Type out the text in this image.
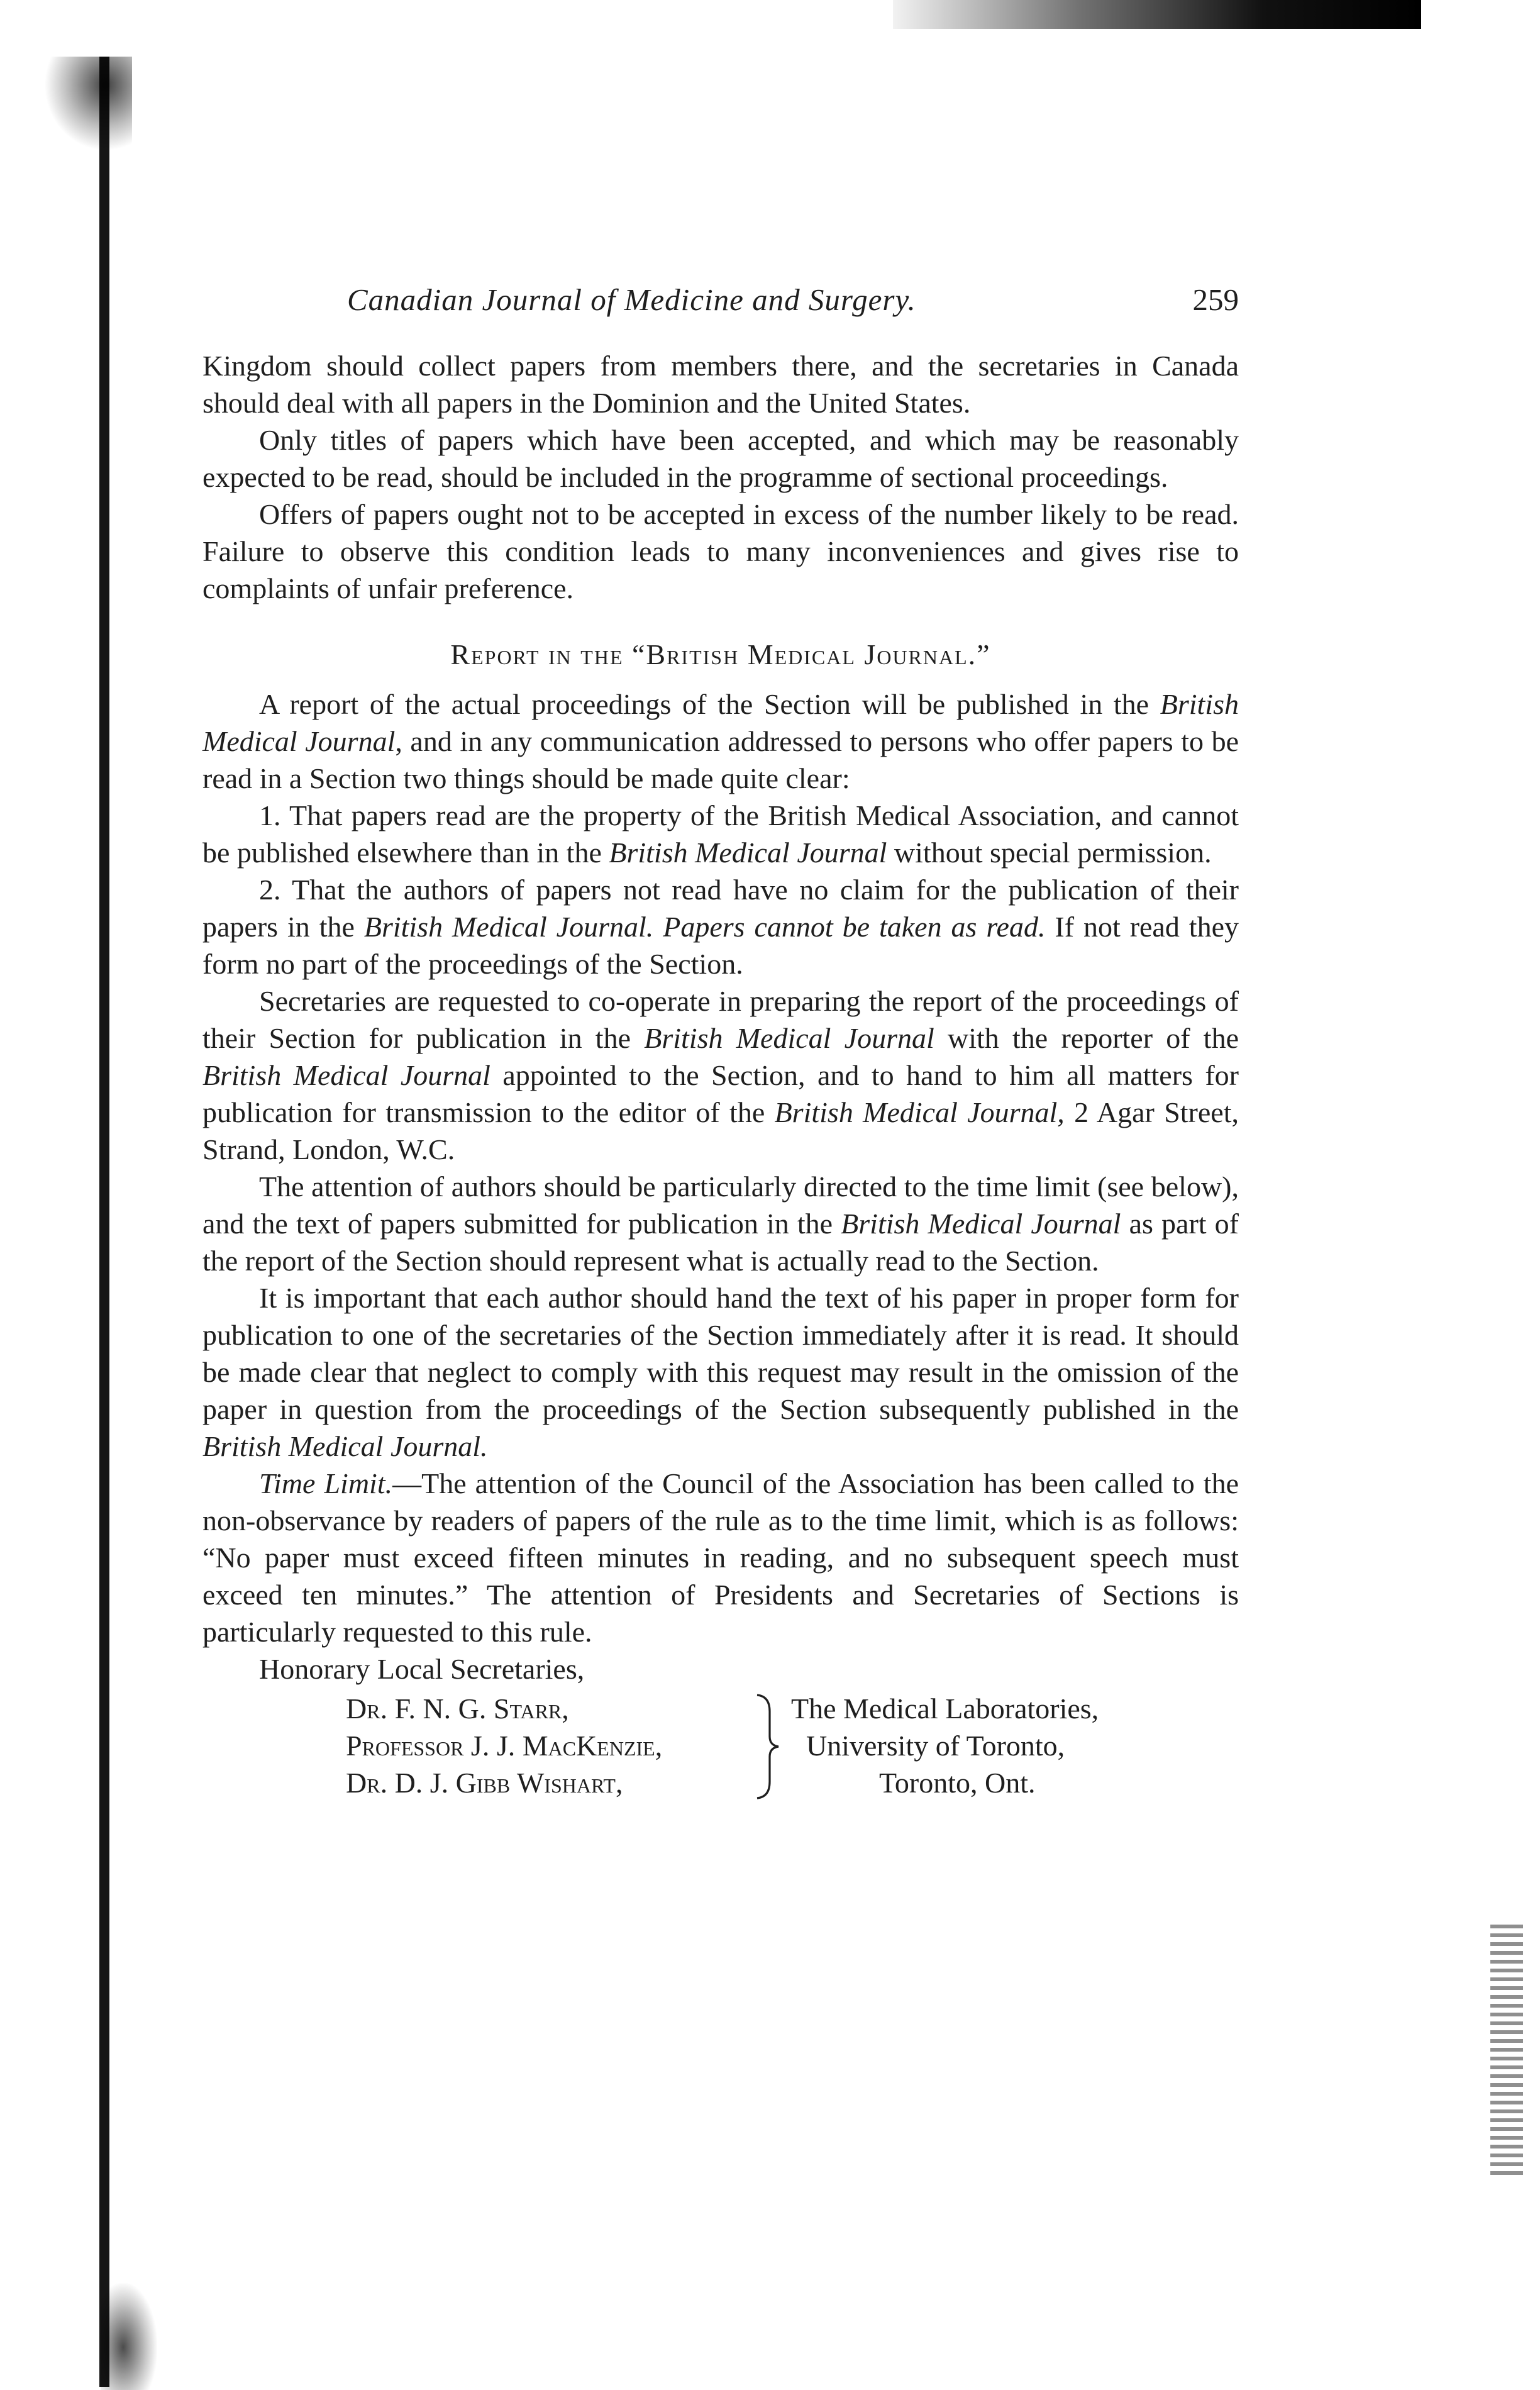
Canadian Journal of Medicine and Surgery.	259

Kingdom should collect papers from members there, and the secretaries in Canada should deal with all papers in the Dominion and the United States.

Only titles of papers which have been accepted, and which may be reasonably expected to be read, should be included in the programme of sectional proceedings.

Offers of papers ought not to be accepted in excess of the number likely to be read. Failure to observe this condition leads to many inconveniences and gives rise to complaints of unfair preference.

Report in the “British Medical Journal.”

A report of the actual proceedings of the Section will be published in the British Medical Journal, and in any communication addressed to persons who offer papers to be read in a Section two things should be made quite clear:

1. That papers read are the property of the British Medical Association, and cannot be published elsewhere than in the British Medical Journal without special permission.

2. That the authors of papers not read have no claim for the publication of their papers in the British Medical Journal. Papers cannot be taken as read. If not read they form no part of the proceedings of the Section.

Secretaries are requested to co-operate in preparing the report of the proceedings of their Section for publication in the British Medical Journal with the reporter of the British Medical Journal appointed to the Section, and to hand to him all matters for publication for transmission to the editor of the British Medical Journal, 2 Agar Street, Strand, London, W.C.

The attention of authors should be particularly directed to the time limit (see below), and the text of papers submitted for publication in the British Medical Journal as part of the report of the Section should represent what is actually read to the Section.

It is important that each author should hand the text of his paper in proper form for publication to one of the secretaries of the Section immediately after it is read. It should be made clear that neglect to comply with this request may result in the omission of the paper in question from the proceedings of the Section subsequently published in the British Medical Journal.

Time Limit.—The attention of the Council of the Association has been called to the non-observance by readers of papers of the rule as to the time limit, which is as follows: “No paper must exceed fifteen minutes in reading, and no subsequent speech must exceed ten minutes.” The attention of Presidents and Secretaries of Sections is particularly requested to this rule.

Honorary Local Secretaries,

Dr. F. N. G. Starr,
Professor J. J. MacKenzie,
Dr. D. J. Gibb Wishart,
The Medical Laboratories,
University of Toronto,
Toronto, Ont.
